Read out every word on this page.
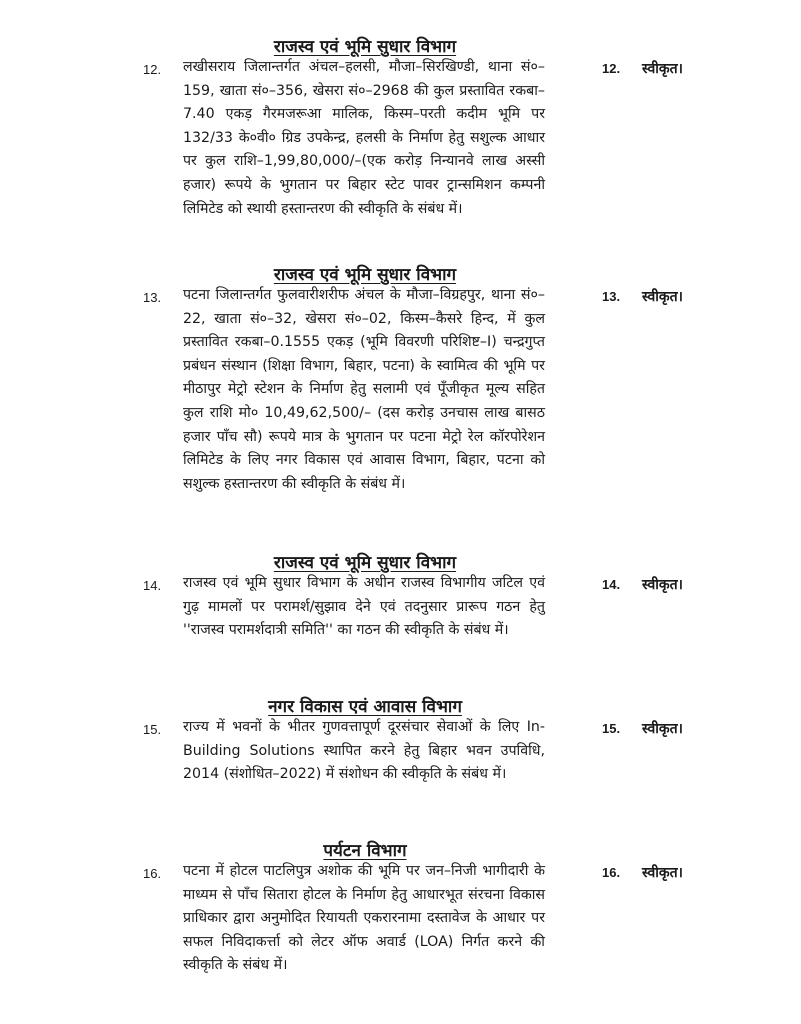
राजस्व एवं भूमि सुधार विभाग
12. लखीसराय जिलान्तर्गत अंचल–हलसी, मौजा–सिरखिण्डी, थाना सं०–159, खाता सं०–356, खेसरा सं०–2968 की कुल प्रस्तावित रकबा–7.40 एकड़ गैरमजरूआ मालिक, किस्म–परती कदीम भूमि पर 132/33 के०वी० ग्रिड उपकेन्द्र, हलसी के निर्माण हेतु सशुल्क आधार पर कुल राशि–1,99,80,000/–(एक करोड़ निन्यानवे लाख अस्सी हजार) रूपये के भुगतान पर बिहार स्टेट पावर ट्रान्समिशन कम्पनी लिमिटेड को स्थायी हस्तान्तरण की स्वीकृति के संबंध में।
12. स्वीकृत।
राजस्व एवं भूमि सुधार विभाग
13. पटना जिलान्तर्गत फुलवारीशरीफ अंचल के मौजा–विग्रहपुर, थाना सं०–22, खाता सं०–32, खेसरा सं०–02, किस्म–कैसरे हिन्द, में कुल प्रस्तावित रकबा–0.1555 एकड़ (भूमि विवरणी परिशिष्ट–I) चन्द्रगुप्त प्रबंधन संस्थान (शिक्षा विभाग, बिहार, पटना) के स्वामित्व की भूमि पर मीठापुर मेट्रो स्टेशन के निर्माण हेतु सलामी एवं पूँजीकृत मूल्य सहित कुल राशि मो० 10,49,62,500/– (दस करोड़ उनचास लाख बासठ हजार पाँच सौ) रूपये मात्र के भुगतान पर पटना मेट्रो रेल कॉरपोरेशन लिमिटेड के लिए नगर विकास एवं आवास विभाग, बिहार, पटना को सशुल्क हस्तान्तरण की स्वीकृति के संबंध में।
13. स्वीकृत।
राजस्व एवं भूमि सुधार विभाग
14. राजस्व एवं भूमि सुधार विभाग के अधीन राजस्व विभागीय जटिल एवं गुढ़ मामलों पर परामर्श/सुझाव देने एवं तदनुसार प्रारूप गठन हेतु ''राजस्व परामर्शदात्री समिति'' का गठन की स्वीकृति के संबंध में।
14. स्वीकृत।
नगर विकास एवं आवास विभाग
15. राज्य में भवनों के भीतर गुणवत्तापूर्ण दूरसंचार सेवाओं के लिए In-Building Solutions स्थापित करने हेतु बिहार भवन उपविधि, 2014 (संशोधित–2022) में संशोधन की स्वीकृति के संबंध में।
15. स्वीकृत।
पर्यटन विभाग
16. पटना में होटल पाटलिपुत्र अशोक की भूमि पर जन–निजी भागीदारी के माध्यम से पाँच सितारा होटल के निर्माण हेतु आधारभूत संरचना विकास प्राधिकार द्वारा अनुमोदित रियायती एकरारनामा दस्तावेज के आधार पर सफल निविदाकर्त्ता को लेटर ऑफ अवार्ड (LOA) निर्गत करने की स्वीकृति के संबंध में।
16. स्वीकृत।
